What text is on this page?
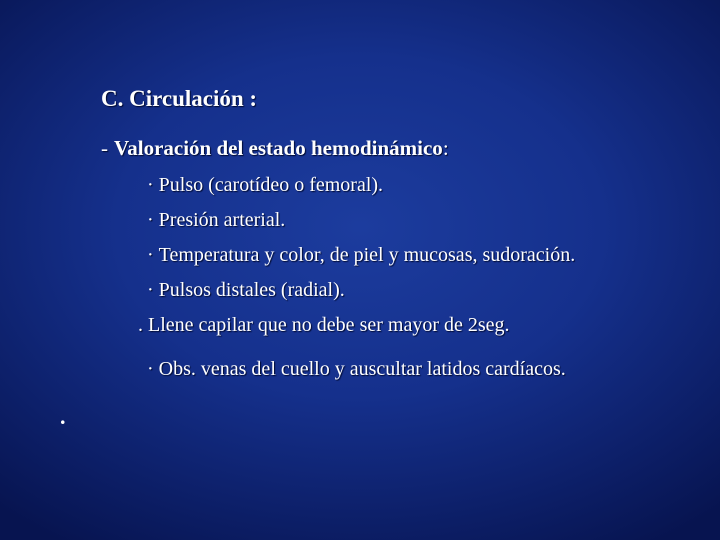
C. Circulación :
- Valoración del estado hemodinámico:
· Pulso (carotídeo o femoral).
· Presión arterial.
· Temperatura y color, de piel y mucosas, sudoración.
· Pulsos distales (radial).
. Llene capilar que no debe ser mayor de 2seg.
· Obs. venas del cuello y auscultar latidos cardíacos.
.
